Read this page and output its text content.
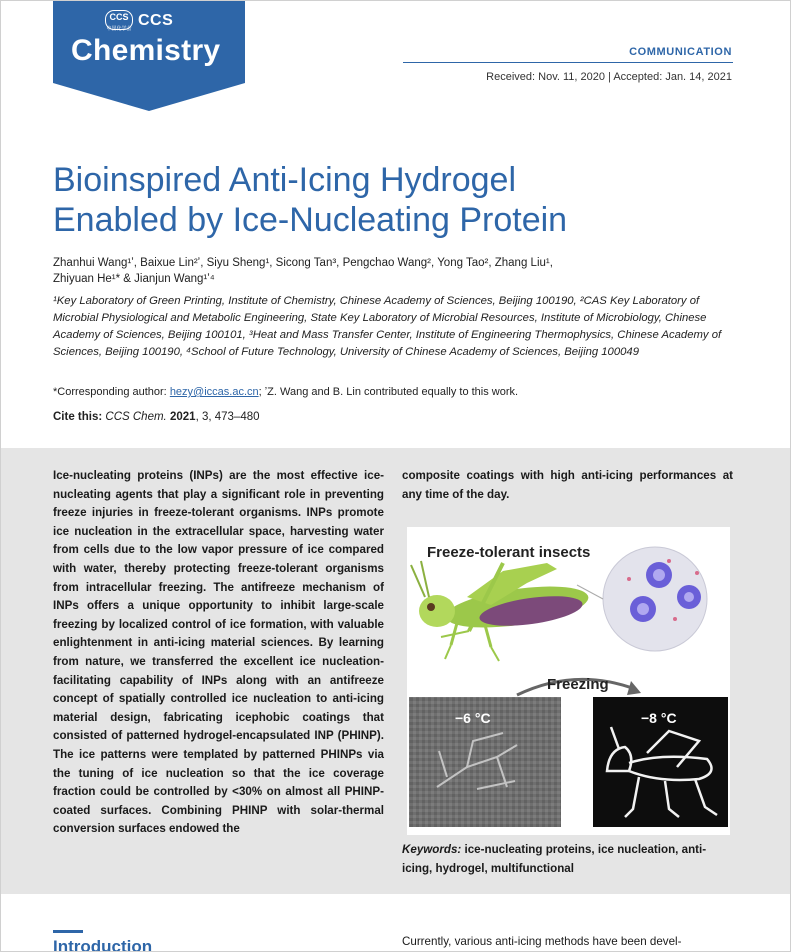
CCS
中国化学会 CCS
Chemistry	COMMUNICATION
Received: Nov. 11, 2020 | Accepted: Jan. 14, 2021
Bioinspired Anti-Icing Hydrogel
Enabled by Ice-Nucleating Protein
Zhanhui Wang¹ʼ, Baixue Lin²ʼ, Siyu Sheng¹, Sicong Tan³, Pengchao Wang², Yong Tao², Zhang Liu¹,
Zhiyuan He¹* & Jianjun Wang¹ʼ⁴
¹Key Laboratory of Green Printing, Institute of Chemistry, Chinese Academy of Sciences, Beijing 100190, ²CAS Key Laboratory of Microbial Physiological and Metabolic Engineering, State Key Laboratory of Microbial Resources, Institute of Microbiology, Chinese Academy of Sciences, Beijing 100101, ³Heat and Mass Transfer Center, Institute of Engineering Thermophysics, Chinese Academy of Sciences, Beijing 100190, ⁴School of Future Technology, University of Chinese Academy of Sciences, Beijing 100049
*Corresponding author: hezy@iccas.ac.cn; ʼZ. Wang and B. Lin contributed equally to this work.
Cite this: CCS Chem. 2021, 3, 473–480
Ice-nucleating proteins (INPs) are the most effective ice-nucleating agents that play a significant role in preventing freeze injuries in freeze-tolerant organisms. INPs promote ice nucleation in the extracellular space, harvesting water from cells due to the low vapor pressure of ice compared with water, thereby protecting freeze-tolerant organisms from intracellular freezing. The antifreeze mechanism of INPs offers a unique opportunity to inhibit large-scale freezing by localized control of ice formation, with valuable enlightenment in anti-icing material sciences. By learning from nature, we transferred the excellent ice nucleation-facilitating capability of INPs along with an antifreeze concept of spatially controlled ice nucleation to anti-icing material design, fabricating icephobic coatings that consisted of patterned hydrogel-encapsulated INP (PHINP). The ice patterns were templated by patterned PHINPs via the tuning of ice nucleation so that the ice coverage fraction could be controlled by <30% on almost all PHINP-coated surfaces. Combining PHINP with solar-thermal conversion surfaces endowed the
composite coatings with high anti-icing performances at any time of the day.
Freeze-tolerant insects
Freezing
−6 °C	−8 °C
Keywords: ice-nucleating proteins, ice nucleation, anti-icing, hydrogel, multifunctional
Introduction	Currently, various anti-icing methods have been devel-
